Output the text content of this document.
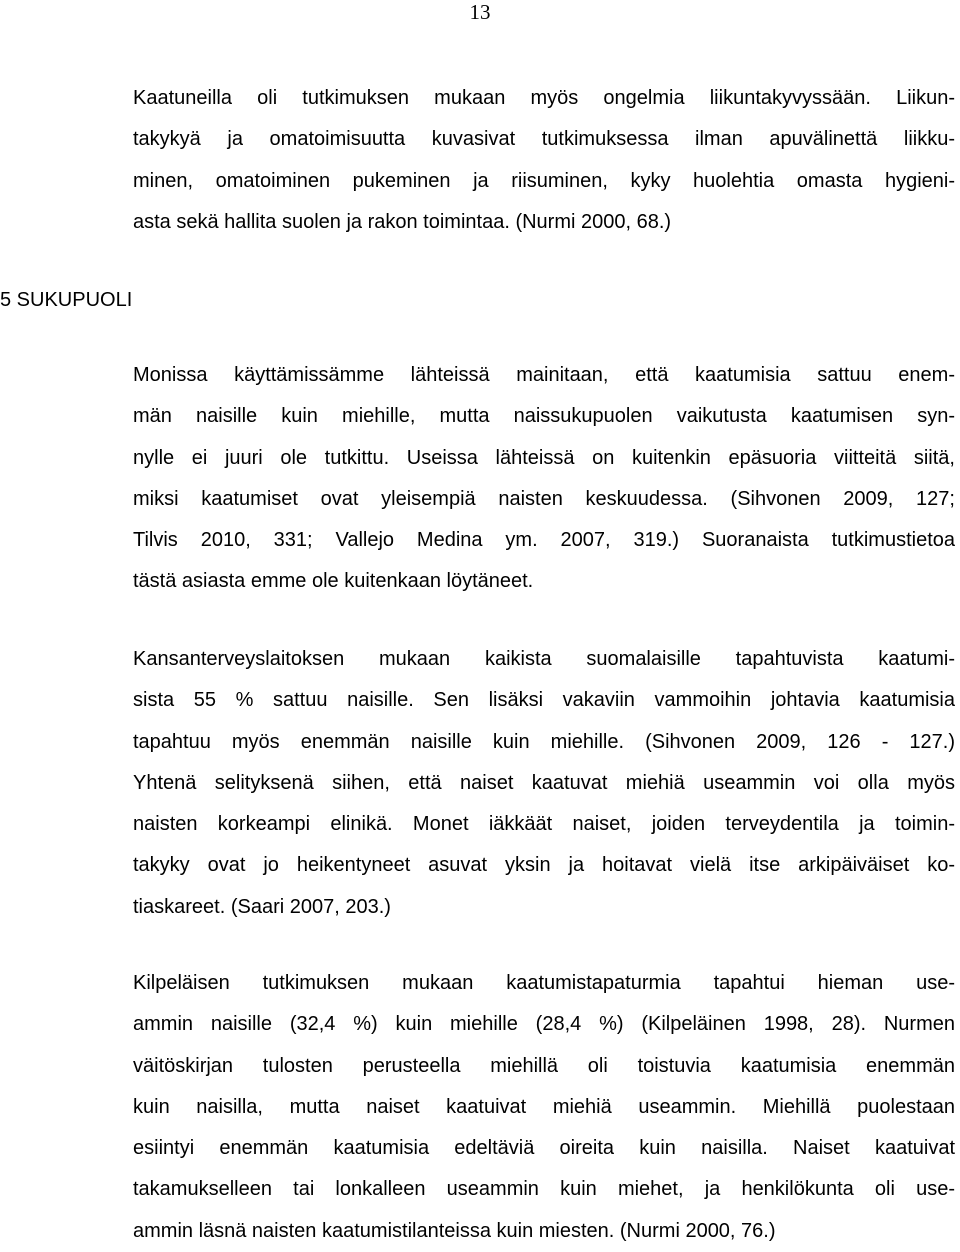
13
Kaatuneilla oli tutkimuksen mukaan myös ongelmia liikuntakyvyssään. Liikun-
takykyä ja omatoimisuutta kuvasivat tutkimuksessa ilman apuvälinettä liikku-
minen, omatoiminen pukeminen ja riisuminen, kyky huolehtia omasta hygieni-
asta sekä hallita suolen ja rakon toimintaa. (Nurmi 2000, 68.)
5 SUKUPUOLI
Monissa käyttämissämme lähteissä mainitaan, että kaatumisia sattuu enem-
män naisille kuin miehille, mutta naissukupuolen vaikutusta kaatumisen syn-
nylle ei juuri ole tutkittu. Useissa lähteissä on kuitenkin epäsuoria viitteitä siitä,
miksi kaatumiset ovat yleisempiä naisten keskuudessa. (Sihvonen 2009, 127;
Tilvis 2010, 331; Vallejo Medina ym. 2007, 319.) Suoranaista tutkimustietoa
tästä asiasta emme ole kuitenkaan löytäneet.
Kansanterveyslaitoksen mukaan kaikista suomalaisille tapahtuvista kaatumi-
sista 55 % sattuu naisille. Sen lisäksi vakaviin vammoihin johtavia kaatumisia
tapahtuu myös enemmän naisille kuin miehille. (Sihvonen 2009, 126 - 127.)
Yhtenä selityksenä siihen, että naiset kaatuvat miehiä useammin voi olla myös
naisten korkeampi elinikä. Monet iäkkäät naiset, joiden terveydentila ja toimin-
takyky ovat jo heikentyneet asuvat yksin ja hoitavat vielä itse arkipäiväiset ko-
tiaskareet. (Saari 2007, 203.)
Kilpeläisen tutkimuksen mukaan kaatumistapaturmia tapahtui hieman use-
ammin naisille (32,4 %) kuin miehille (28,4 %) (Kilpeläinen 1998, 28). Nurmen
väitöskirjan tulosten perusteella miehillä oli toistuvia kaatumisia enemmän
kuin naisilla, mutta naiset kaatuivat miehiä useammin. Miehillä puolestaan
esiintyi enemmän kaatumisia edeltäviä oireita kuin naisilla. Naiset kaatuivat
takamukselleen tai lonkalleen useammin kuin miehet, ja henkilökunta oli use-
ammin läsnä naisten kaatumistilanteissa kuin miesten. (Nurmi 2000, 76.)
